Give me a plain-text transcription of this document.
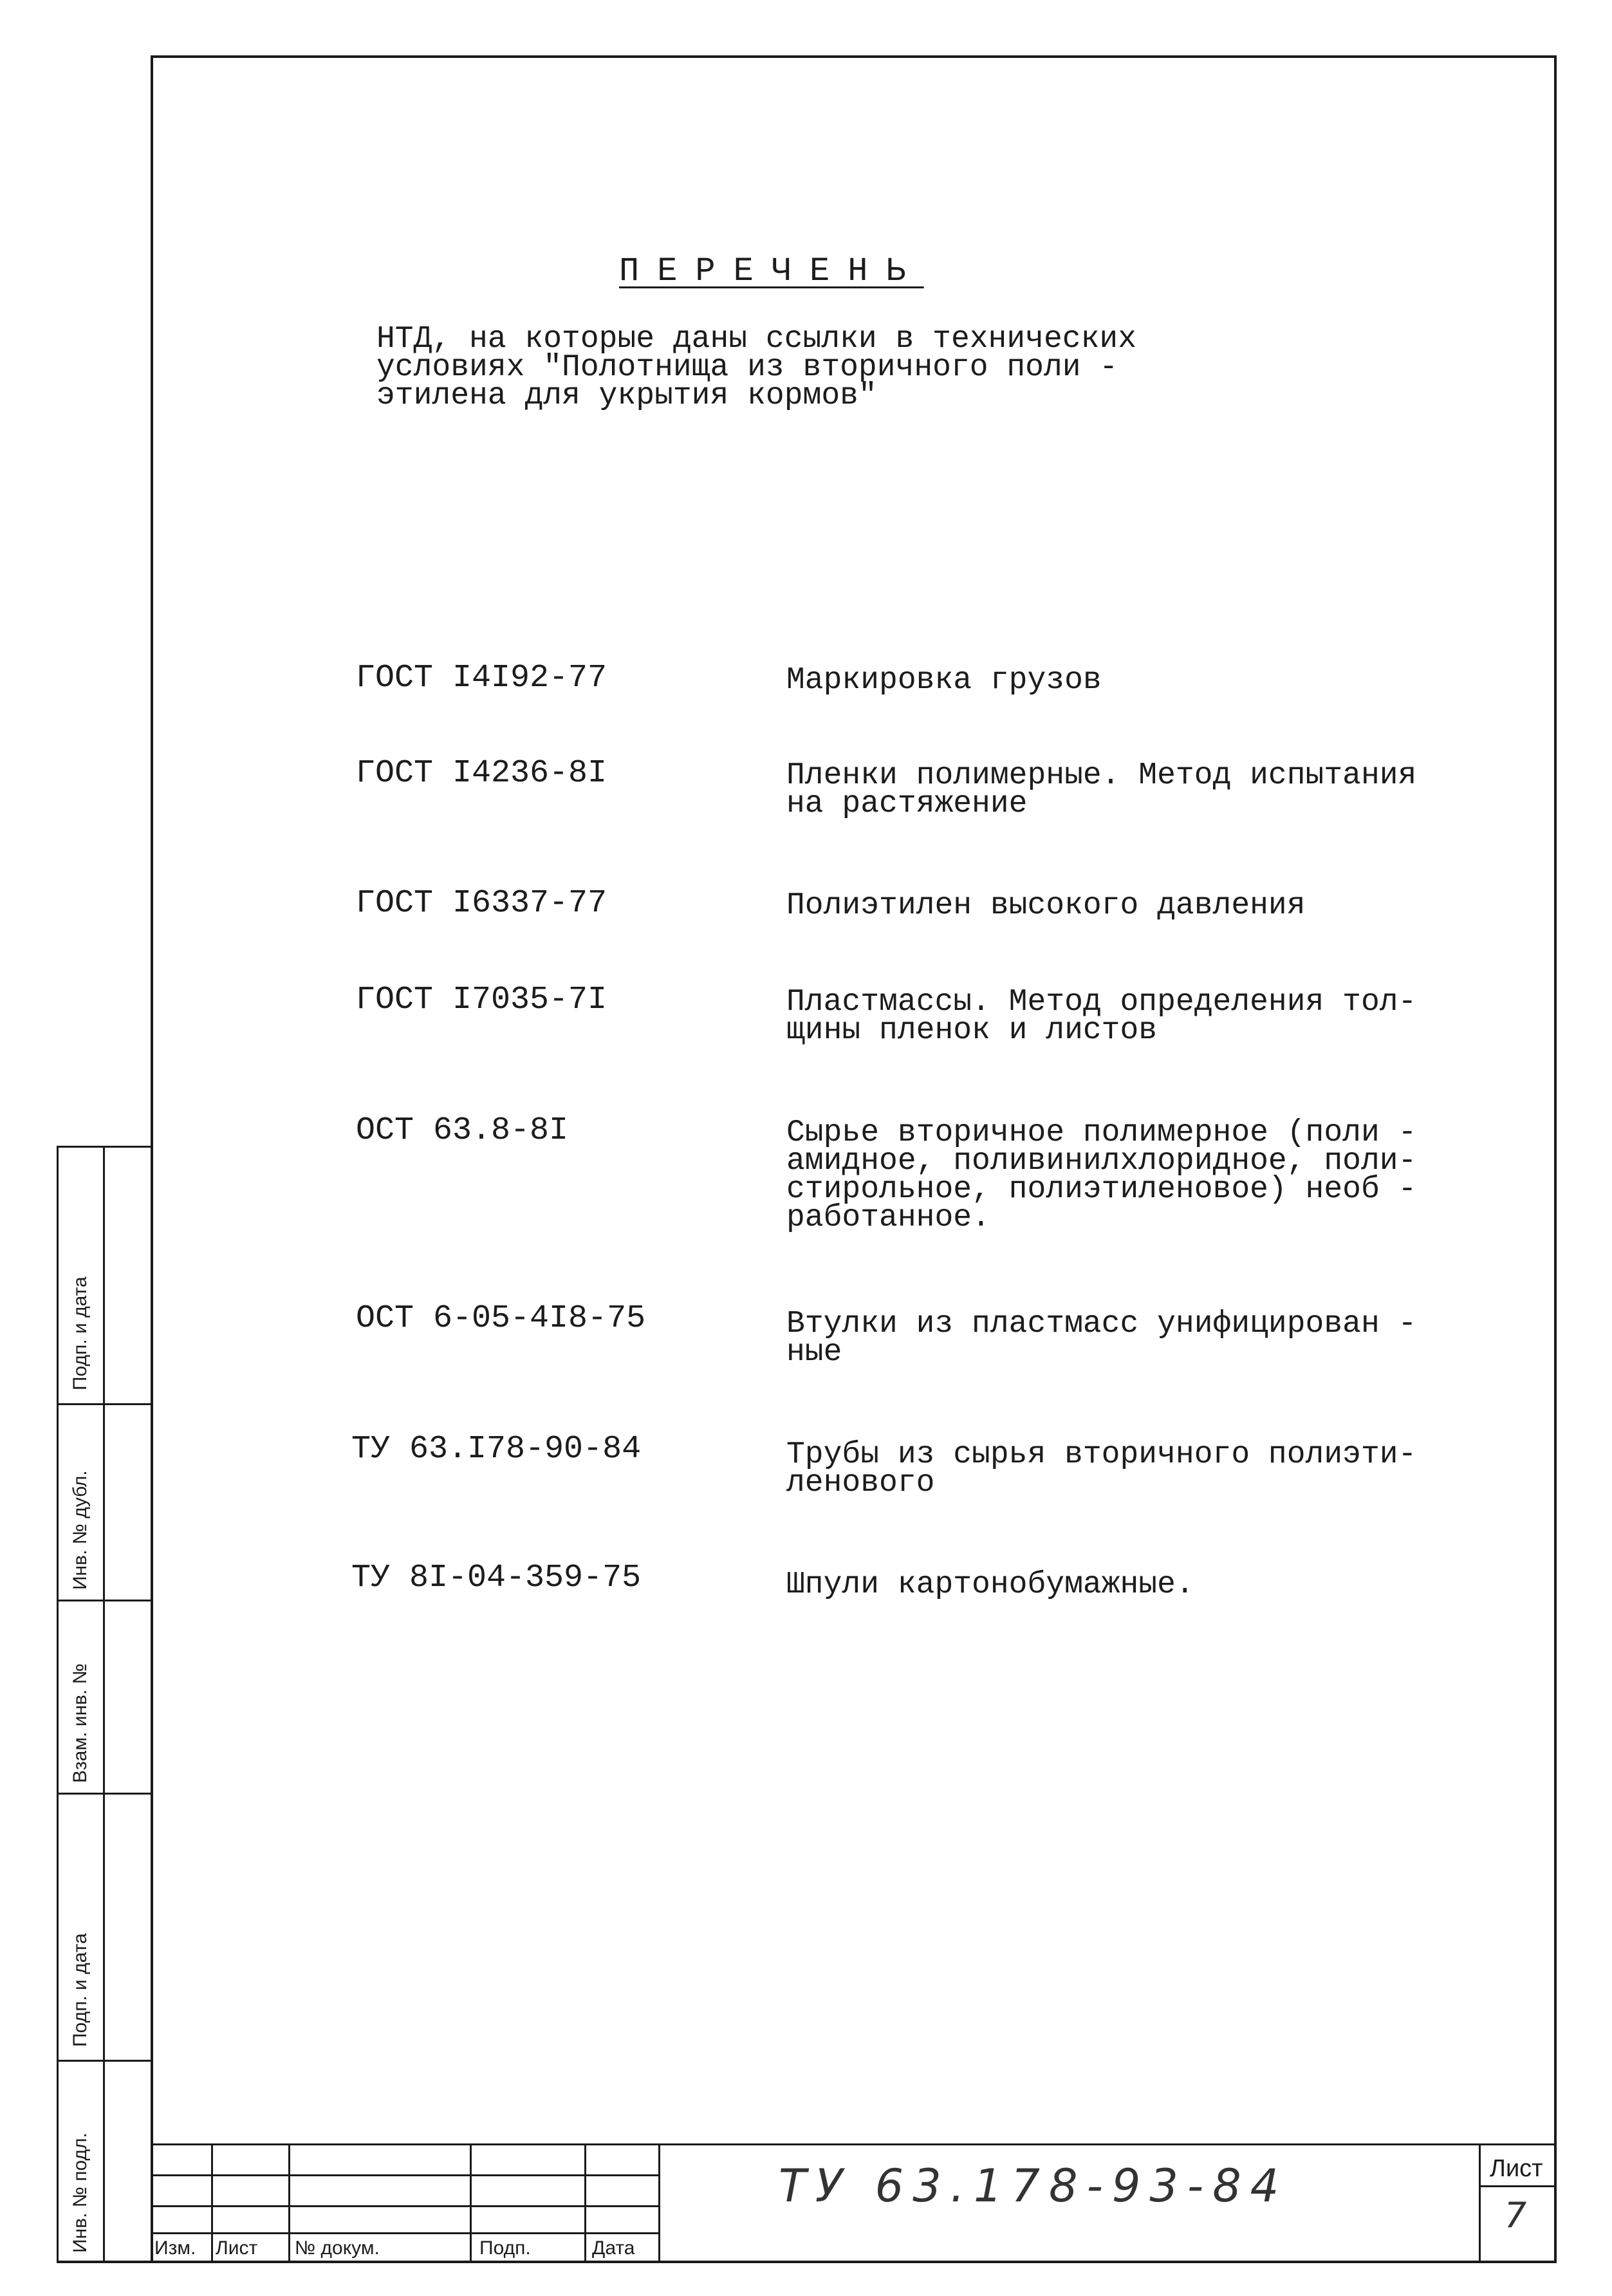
ПЕРЕЧЕНЬ
НТД, на которые даны ссылки в технических
условиях "Полотнища из вторичного поли -
этилена для укрытия кормов"
ГОСТ I4I92-77	Маркировка грузов
ГОСТ I4236-8I	Пленки полимерные. Метод испытания
на растяжение
ГОСТ I6337-77	Полиэтилен высокого давления
ГОСТ I7035-7I	Пластмассы. Метод определения тол-
щины пленок и листов
ОСТ 63.8-8I	Сырье вторичное полимерное (поли -
амидное, поливинилхлоридное, поли-
стирольное, полиэтиленовое) необ -
работанное.
ОСТ 6-05-4I8-75	Втулки из пластмасс унифицирован -
ные
ТУ 63.I78-90-84	Трубы из сырья вторичного полиэти-
ленового
ТУ 8I-04-359-75	Шпули картонобумажные.
Подп. и дата
Инв. № дубл.
Взам. инв. №
Подп. и дата
Инв. № подл.	Изм. Лист № докум.	Подп.	Дата
ТУ 63.178-93-84	Лист
7
